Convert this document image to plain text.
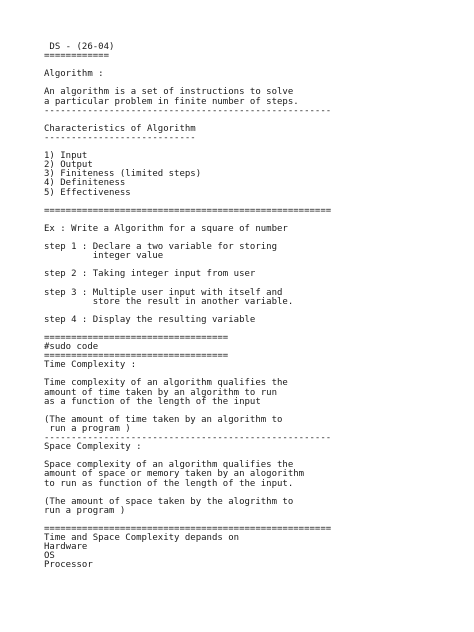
DS - (26-04)
============
Algorithm :
An algorithm is a set of instructions to solve
a particular problem in finite number of steps.
-----------------------------------------------------
Characteristics of Algorithm
----------------------------
1) Input
2) Output
3) Finiteness (limited steps)
4) Definiteness
5) Effectiveness
=====================================================
Ex : Write a Algorithm for a square of number
step 1 : Declare a two variable for storing
integer value
step 2 : Taking integer input from user
step 3 : Multiple user input with itself and
store the result in another variable.
step 4 : Display the resulting variable
==================================
#sudo code
==================================
Time Complexity :
Time complexity of an algorithm qualifies the
amount of time taken by an algorithm to run
as a function of the length of the input
(The amount of time taken by an algorithm to
run a program )
-----------------------------------------------------
Space Complexity :
Space complexity of an algorithm qualifies the
amount of space or memory taken by an alogorithm
to run as function of the length of the input.
(The amount of space taken by the alogrithm to
run a program )
=====================================================
Time and Space Complexity depands on
Hardware
OS
Processor
